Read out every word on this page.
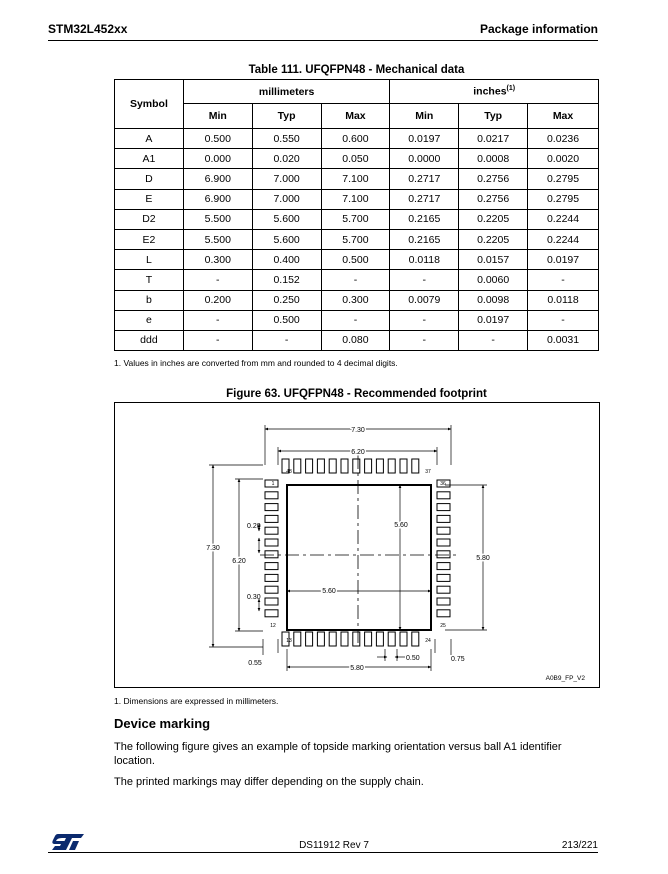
STM32L452xx	Package information
Table 111. UFQFPN48 - Mechanical data
Symbol	millimeters			inches$^{(1)}$
	Min	Typ	Max	Min	Typ	Max
A	0.500	0.550	0.600	0.0197	0.0217	0.0236
A1	0.000	0.020	0.050	0.0000	0.0008	0.0020
D	6.900	7.000	7.100	0.2717	0.2756	0.2795
E	6.900	7.000	7.100	0.2717	0.2756	0.2795
D2	5.500	5.600	5.700	0.2165	0.2205	0.2244
E2	5.500	5.600	5.700	0.2165	0.2205	0.2244
L	0.300	0.400	0.500	0.0118	0.0157	0.0197
T	-	0.152	-	-	0.0060	-
b	0.200	0.250	0.300	0.0079	0.0098	0.0118
e	-	0.500	-	-	0.0197	-
ddd	-	-	0.080	-	-	0.0031
1. Values in inches are converted from mm and rounded to 4 decimal digits.
Figure 63. UFQFPN48 - Recommended footprint
7.30
6.20
7.30
6.20
0.20
0.30
5.60
5.60
5.80
5.80
0.50	0.75
0.55
A0B9_FP_V2
1
12
13	24
25
36
37
48
1. Dimensions are expressed in millimeters.
Device marking
The following figure gives an example of topside marking orientation versus ball A1 identifier location.
The printed markings may differ depending on the supply chain.
DS11912 Rev 7	213/221
